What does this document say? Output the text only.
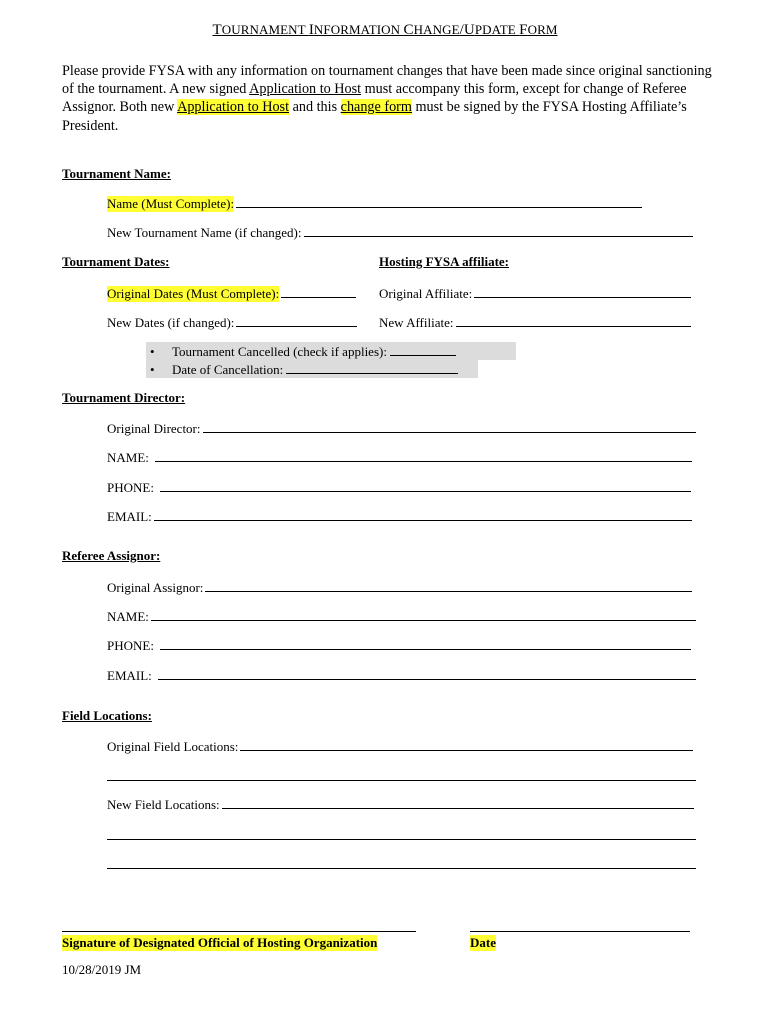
TOURNAMENT INFORMATION CHANGE/UPDATE FORM
Please provide FYSA with any information on tournament changes that have been made since original sanctioning of the tournament. A new signed Application to Host must accompany this form, except for change of Referee Assignor. Both new Application to Host and this change form must be signed by the FYSA Hosting Affiliate’s President.
Tournament Name:
Name (Must Complete):
New Tournament Name (if changed):
Tournament Dates:	Hosting FYSA affiliate:
Original Dates (Must Complete):	Original Affiliate:
New Dates (if changed):	New Affiliate:
• Tournament Cancelled (check if applies):
• Date of Cancellation:
Tournament Director:
Original Director:
NAME:
PHONE:
EMAIL:
Referee Assignor:
Original Assignor:
NAME:
PHONE:
EMAIL:
Field Locations:
Original Field Locations:
New Field Locations:
Signature of Designated Official of Hosting Organization	Date
10/28/2019 JM
